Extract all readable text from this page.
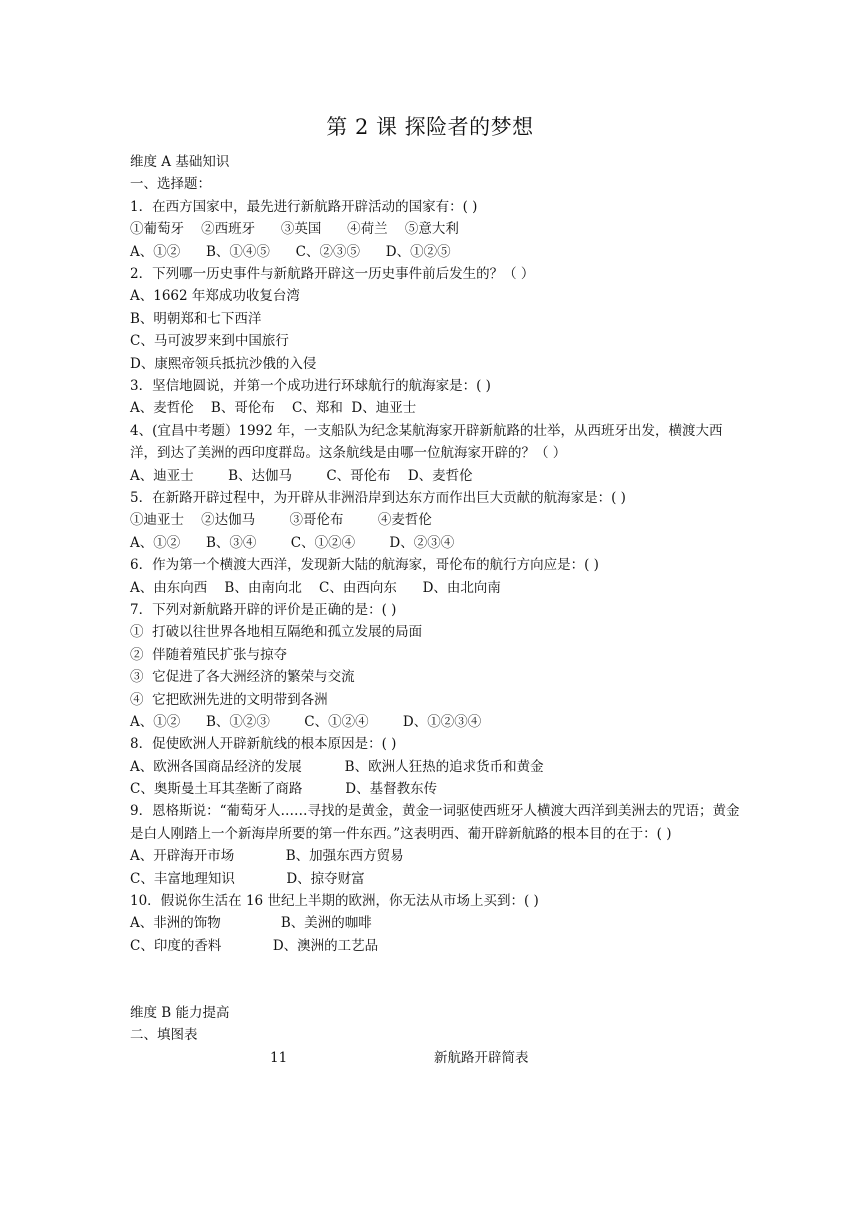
第 2 课 探险者的梦想
维度 A 基础知识
一、选择题：
1．在西方国家中，最先进行新航路开辟活动的国家有：( )
①葡萄牙    ②西班牙      ③英国      ④荷兰    ⑤意大利
A、①②      B、①④⑤      C、②③⑤      D、①②⑤
2．下列哪一历史事件与新航路开辟这一历史事件前后发生的？（ ）
A、1662 年郑成功收复台湾
B、明朝郑和七下西洋
C、马可波罗来到中国旅行
D、康熙帝领兵抵抗沙俄的入侵
3．坚信地圆说，并第一个成功进行环球航行的航海家是：( )
A、麦哲伦    B、哥伦布    C、郑和  D、迪亚士
4、(宜昌中考题）1992 年，一支船队为纪念某航海家开辟新航路的壮举，从西班牙出发，横渡大西洋，到达了美洲的西印度群岛。这条航线是由哪一位航海家开辟的？（ ）
A、迪亚士        B、达伽马        C、哥伦布    D、麦哲伦
5．在新路开辟过程中，为开辟从非洲沿岸到达东方而作出巨大贡献的航海家是：( )
①迪亚士    ②达伽马        ③哥伦布        ④麦哲伦
A、①②      B、③④        C、①②④        D、②③④
6．作为第一个横渡大西洋，发现新大陆的航海家，哥伦布的航行方向应是：( )
A、由东向西    B、由南向北    C、由西向东      D、由北向南
7．下列对新航路开辟的评价是正确的是：( )
①  打破以往世界各地相互隔绝和孤立发展的局面
②  伴随着殖民扩张与掠夺
③  它促进了各大洲经济的繁荣与交流
④  它把欧洲先进的文明带到各洲
A、①②      B、①②③        C、①②④        D、①②③④
8．促使欧洲人开辟新航线的根本原因是：( )
A、欧洲各国商品经济的发展          B、欧洲人狂热的追求货币和黄金
C、奥斯曼土耳其垄断了商路          D、基督教东传
9．恩格斯说：“葡萄牙人……寻找的是黄金，黄金一词驱使西班牙人横渡大西洋到美洲去的咒语；黄金是白人刚踏上一个新海岸所要的第一件东西。”这表明西、葡开辟新航路的根本目的在于：( )
A、开辟海开市场            B、加强东西方贸易
C、丰富地理知识            D、掠夺财富
10．假说你生活在 16 世纪上半期的欧洲，你无法从市场上买到：( )
A、非洲的饰物              B、美洲的咖啡
C、印度的香料            D、澳洲的工艺品
维度 B 能力提高
二、填图表
11	新航路开辟简表
